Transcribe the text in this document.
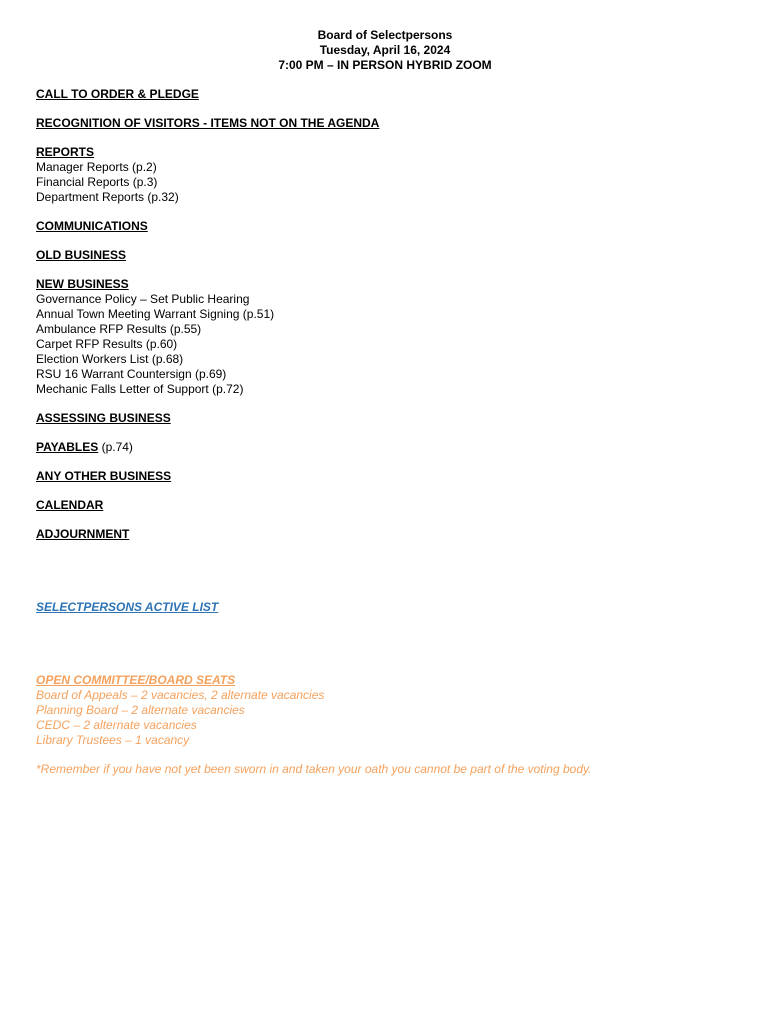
Board of Selectpersons
Tuesday, April 16, 2024
7:00 PM – IN PERSON HYBRID ZOOM
CALL TO ORDER & PLEDGE
RECOGNITION OF VISITORS - ITEMS NOT ON THE AGENDA
REPORTS
Manager Reports (p.2)
Financial Reports (p.3)
Department Reports (p.32)
COMMUNICATIONS
OLD BUSINESS
NEW BUSINESS
Governance Policy – Set Public Hearing
Annual Town Meeting Warrant Signing (p.51)
Ambulance RFP Results (p.55)
Carpet RFP Results (p.60)
Election Workers List (p.68)
RSU 16 Warrant Countersign (p.69)
Mechanic Falls Letter of Support (p.72)
ASSESSING BUSINESS
PAYABLES (p.74)
ANY OTHER BUSINESS
CALENDAR
ADJOURNMENT
SELECTPERSONS ACTIVE LIST
OPEN COMMITTEE/BOARD SEATS
Board of Appeals – 2 vacancies, 2 alternate vacancies
Planning Board – 2 alternate vacancies
CEDC – 2 alternate vacancies
Library Trustees – 1 vacancy
*Remember if you have not yet been sworn in and taken your oath you cannot be part of the voting body.
